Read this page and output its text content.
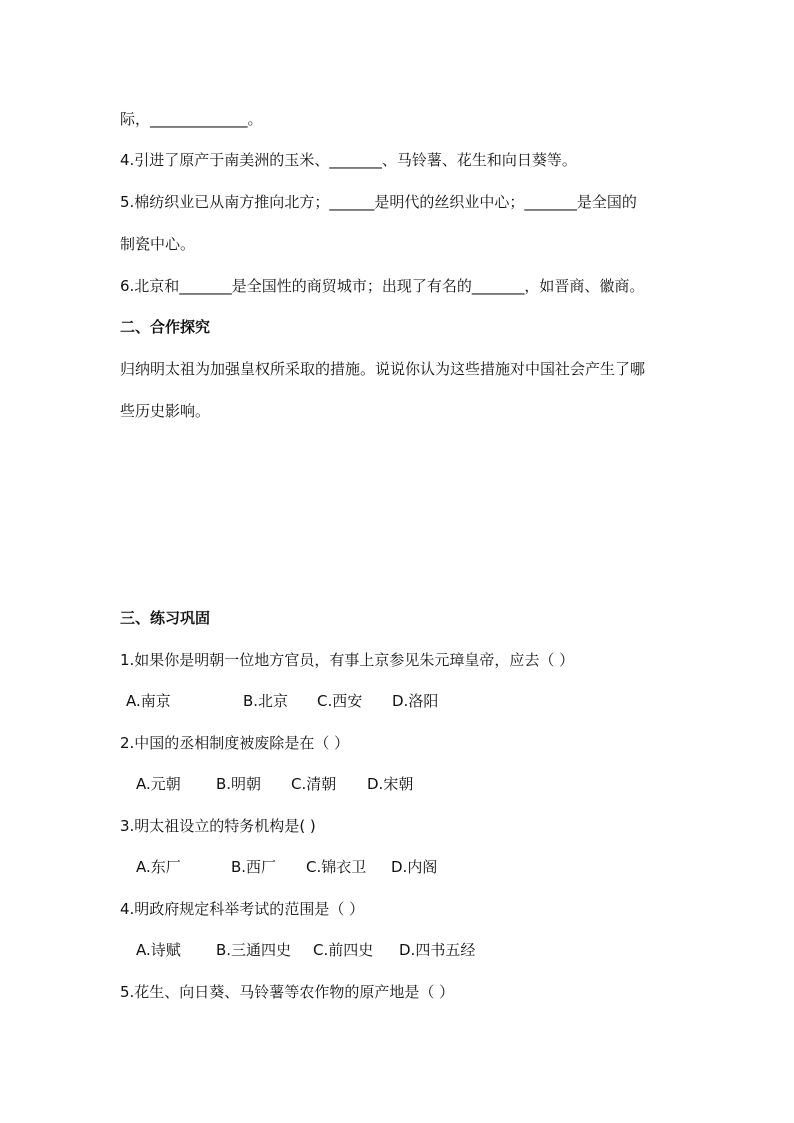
际，_____________。
4.引进了原产于南美洲的玉米、_______、马铃薯、花生和向日葵等。
5.棉纺织业已从南方推向北方；______是明代的丝织业中心；_______是全国的
制瓷中心。
6.北京和_______是全国性的商贸城市；出现了有名的_______，如晋商、徽商。
二、合作探究
归纳明太祖为加强皇权所采取的措施。说说你认为这些措施对中国社会产生了哪
些历史影响。
三、练习巩固
1.如果你是明朝一位地方官员，有事上京参见朱元璋皇帝，应去（ ）
A.南京	B.北京 C.西安 D.洛阳
2.中国的丞相制度被废除是在（ ）
A.元朝 B.明朝 C.清朝 D.宋朝
3.明太祖设立的特务机构是( )
A.东厂	B.西厂 C.锦衣卫 D.内阁
4.明政府规定科举考试的范围是（ ）
A.诗赋 B.三通四史 C.前四史 D.四书五经
5.花生、向日葵、马铃薯等农作物的原产地是（ ）
